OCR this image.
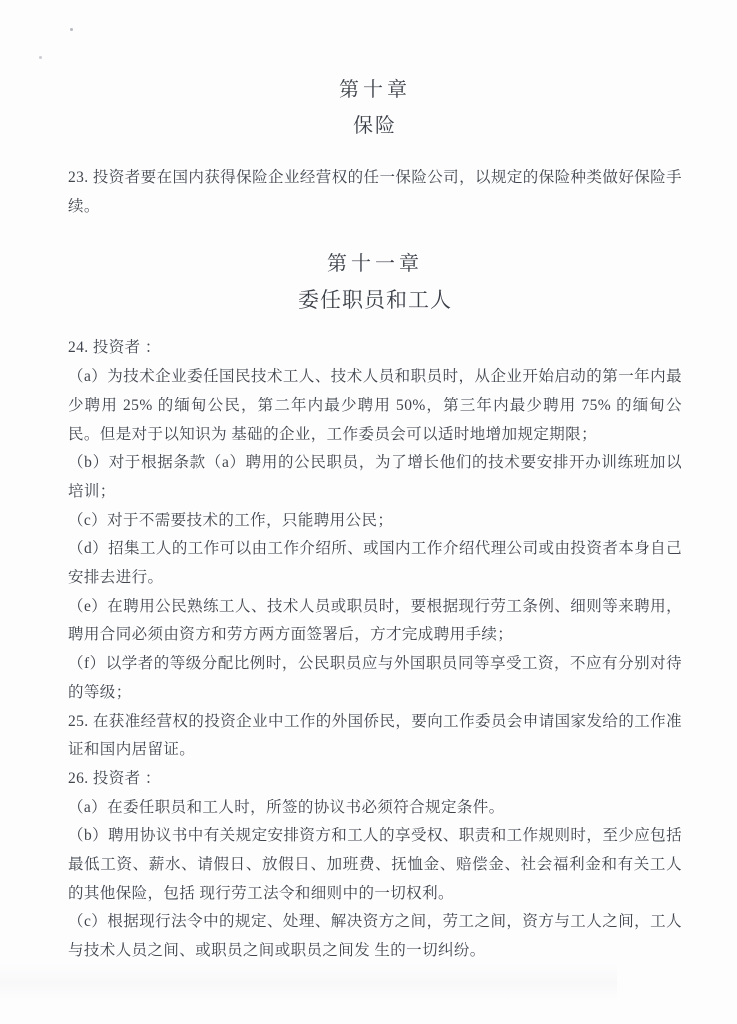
第十章
保险

23. 投资者要在国内获得保险企业经营权的任一保险公司，以规定的保险种类做好保险手续。

第十一章
委任职员和工人

24. 投资者 ：

（a）为技术企业委任国民技术工人、技术人员和职员时，从企业开始启动的第一年内最少聘用 25% 的缅甸公民，第二年内最少聘用 50%，第三年内最少聘用 75% 的缅甸公民。但是对于以知识为 基础的企业，工作委员会可以适时地增加规定期限；

（b）对于根据条款（a）聘用的公民职员，为了增长他们的技术要安排开办训练班加以培训；

（c）对于不需要技术的工作，只能聘用公民；

（d）招集工人的工作可以由工作介绍所、或国内工作介绍代理公司或由投资者本身自己安排去进行。

（e）在聘用公民熟练工人、技术人员或职员时，要根据现行劳工条例、细则等来聘用，聘用合同必须由资方和劳方两方面签署后，方才完成聘用手续；

（f）以学者的等级分配比例时，公民职员应与外国职员同等享受工资，不应有分别对待的等级；

25. 在获准经营权的投资企业中工作的外国侨民，要向工作委员会申请国家发给的工作准证和国内居留证。

26. 投资者 ：

（a）在委任职员和工人时，所签的协议书必须符合规定条件。

（b）聘用协议书中有关规定安排资方和工人的享受权、职责和工作规则时，至少应包括最低工资、薪水、请假日、放假日、加班费、抚恤金、赔偿金、社会福利金和有关工人的其他保险，包括 现行劳工法令和细则中的一切权利。

（c）根据现行法令中的规定、处理、解决资方之间，劳工之间，资方与工人之间，工人与技术人员之间、或职员之间或职员之间发 生的一切纠纷。
